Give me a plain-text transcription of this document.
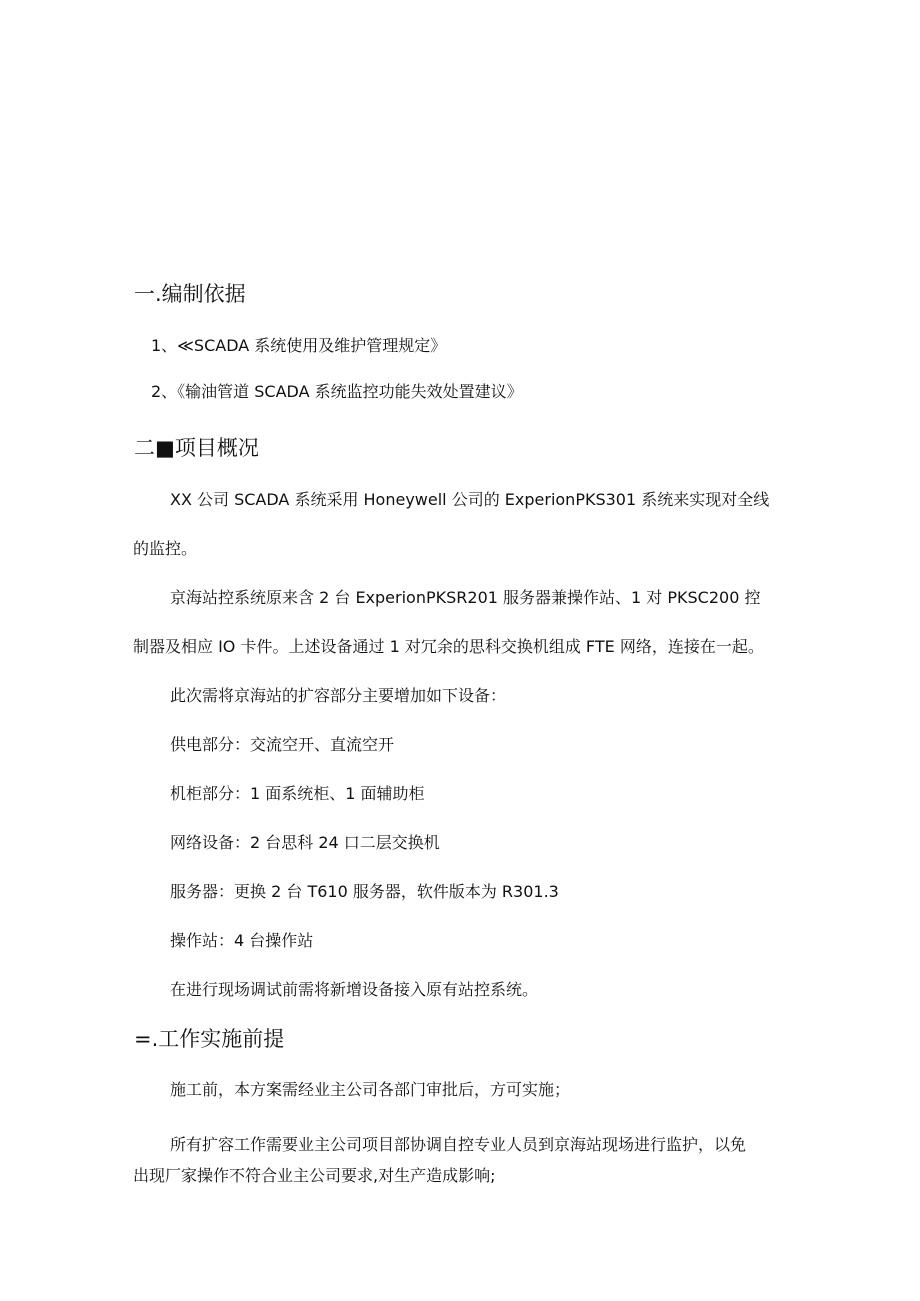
一.编制依据
1、≪SCADA 系统使用及维护管理规定》
2、《输油管道 SCADA 系统监控功能失效处置建议》
二■项目概况
XX 公司 SCADA 系统采用 Honeywell 公司的 ExperionPKS301 系统来实现对全线
的监控。
京海站控系统原来含 2 台 ExperionPKSR201 服务器兼操作站、1 对 PKSC200 控
制器及相应 IO 卡件。上述设备通过 1 对冗余的思科交换机组成 FTE 网络，连接在一起。
此次需将京海站的扩容部分主要增加如下设备：
供电部分：交流空开、直流空开
机柜部分：1 面系统柜、1 面辅助柜
网络设备：2 台思科 24 口二层交换机
服务器：更换 2 台 T610 服务器，软件版本为 R301.3
操作站：4 台操作站
在进行现场调试前需将新增设备接入原有站控系统。
=.工作实施前提
施工前，本方案需经业主公司各部门审批后，方可实施；
所有扩容工作需要业主公司项目部协调自控专业人员到京海站现场进行监护，以免
出现厂家操作不符合业主公司要求,对生产造成影响;
